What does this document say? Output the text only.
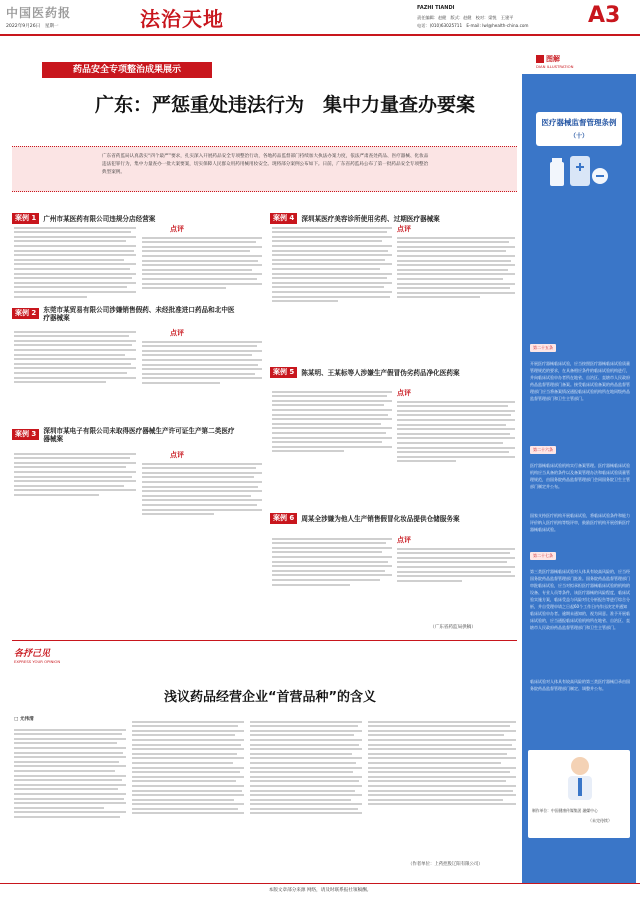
中国医药报
2022年9月26日　星期一	法治天地	FAZHI TIANDI
责任编辑：赵健　版式：赵健　校对：梁悦　王建平
电话：(010)63025711　E-mail: lwl@health-china.com	A3
药品安全专项整治成果展示
广东：严惩重处违法行为　集中力量查办要案
广东省药监局认真落实“四个最严”要求，扎实深入开展药品安全专项整治行动，各地药品监督部门持续加大执法办案力度，依法严肃查处药品、医疗器械、化妆品违法犯罪行为，集中力量查办一批大案要案，切实保障人民群众用药用械用妆安全。现将部分案例公布如下。日前，广东省药监局公布了第一批药品安全专项整治典型案例。
案例 1 广州市某医药有限公司违规分店经营案
点评
案例 2 东莞市某贸易有限公司涉嫌销售假药、未经批准进口药品和北中医疗器械案
点评
案例 3 深圳市某电子有限公司未取得医疗器械生产许可证生产第二类医疗器械案
点评
案例 4 深圳某医疗美容诊所使用劣药、过期医疗器械案
点评
案例 5 陈某明、王某标等人涉嫌生产假冒伪劣药品净化医药案
点评
案例 6 周某全涉嫌为他人生产销售假冒化妆品提供仓储服务案
点评
（广东省药监局供稿）
图解
DIAN ILLUSTRATION
医疗器械监督管理条例
（十）
第二十五条
开展医疗器械临床试验，应当按照医疗器械临床试验质量管理规范的要求，在具备相应条件的临床试验机构进行，并向临床试验申办者所在地省、自治区、直辖市人民政府药品监督管理部门备案。接受临床试验备案的药品监督管理部门应当将备案情况通报临床试验机构所在地同级药品监督管理部门和卫生主管部门。
第二十六条
医疗器械临床试验机构实行备案管理。医疗器械临床试验机构应当具备的条件以及备案管理办法和临床试验质量管理规范，由国务院药品监督管理部门会同国务院卫生主管部门制定并公布。
国家支持医疗机构开展临床试验，将临床试验条件和能力评价纳入医疗机构等级评审，鼓励医疗机构开展创新医疗器械临床试验。
第二十七条
第三类医疗器械临床试验对人体具有较高风险的，应当经国务院药品监督管理部门批准。国务院药品监督管理部门审批临床试验，应当对拟承担医疗器械临床试验的机构的设备、专业人员等条件，该医疗器械的风险程度，临床试验实施方案，临床受益与风险对比分析报告等进行综合分析，并自受理申请之日起60个工作日内作出决定并通知临床试验申办者。逾期未通知的，视为同意。准予开展临床试验的，应当通报临床试验机构所在地省、自治区、直辖市人民政府药品监督管理部门和卫生主管部门。
临床试验对人体具有较高风险的第三类医疗器械目录由国务院药品监督管理部门制定、调整并公布。
制作单位：中国健康传媒集团 融媒中心
（未完待续）
各抒己见
EXPRESS YOUR OPINION
浅议药品经营企业“首营品种”的含义
□ 尤伟清
（作者单位：上药控股辽阳有限公司）
本版文章部分来源 网络，请及时联系报社领稿酬。
